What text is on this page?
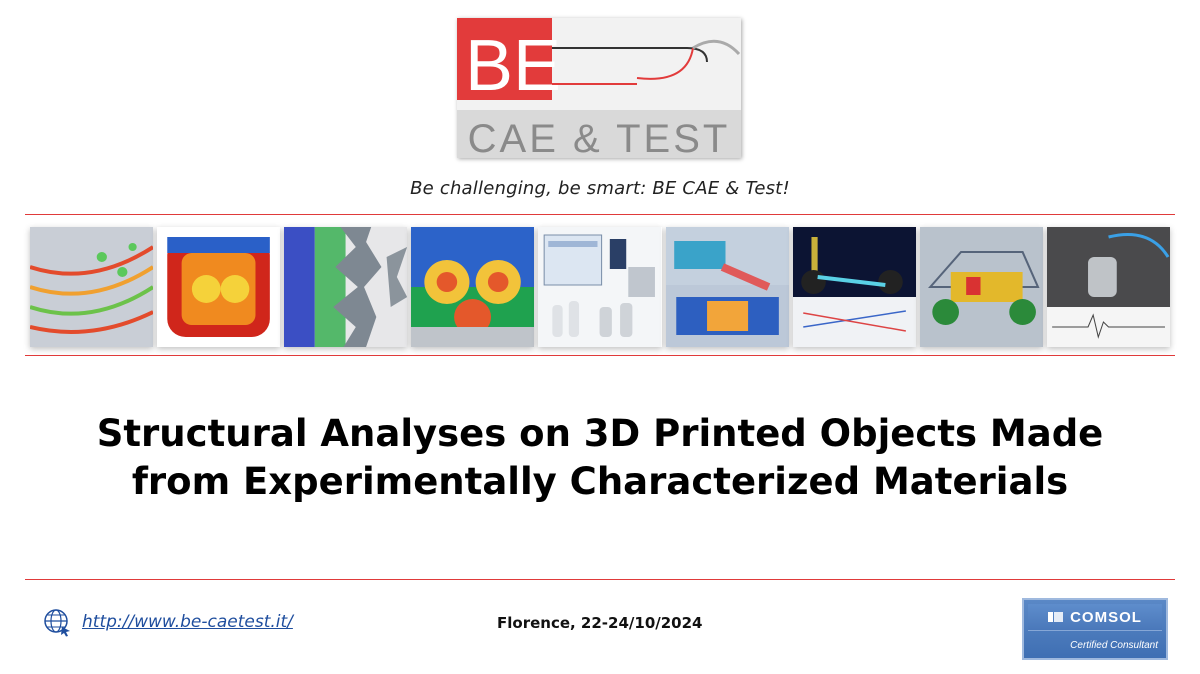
BE
CAE & TEST
Be challenging, be smart: BE CAE & Test!
Structural Analyses on 3D Printed Objects Made
from Experimentally Characterized Materials
http://www.be-caetest.it/	Florence, 22-24/10/2024	COMSOL
Certified Consultant
